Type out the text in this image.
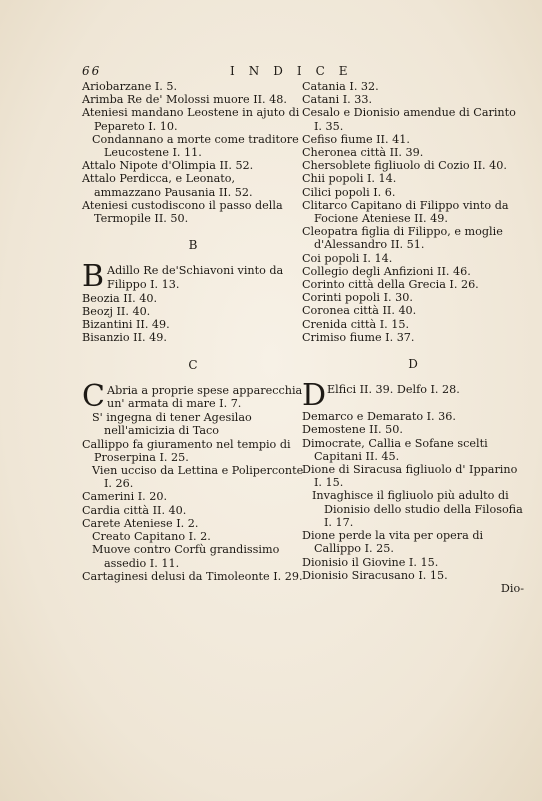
66	INDICE

Ariobarzane I. 5.

Arimba Re de' Molossi muore II. 48.

Ateniesi mandano Leostene in ajuto di Pepareto I. 10.

Condannano a morte come traditore Leucostene I. 11.

Attalo Nipote d'Olimpia II. 52.

Attalo Perdicca, e Leonato, ammazzano Pausania II. 52.

Ateniesi custodiscono il passo della Termopile II. 50.

B
B Adillo Re de'Schiavoni vinto da Filippo I. 13.

Beozia II. 40.

Beozj II. 40.

Bizantini II. 49.

Bisanzio II. 49.

C
C Abria a proprie spese apparecchia un' armata di mare I. 7.

S' ingegna di tener Agesilao nell'amicizia di Taco

Callippo fa giuramento nel tempio di Proserpina I. 25.

Vien ucciso da Lettina e Poliperconte I. 26.

Camerini I. 20.

Cardia città II. 40.

Carete Ateniese I. 2.

Creato Capitano I. 2.

Muove contro Corfù grandissimo assedio I. 11.

Cartaginesi delusi da Timoleonte I. 29.

Catania I. 32.

Catani I. 33.

Cesalo e Dionisio amendue di Carinto I. 35.

Cefiso fiume II. 41.

Cheronea città II. 39.

Chersoblete figliuolo di Cozio II. 40.

Chii popoli I. 14.

Cilici popoli I. 6.

Clitarco Capitano di Filippo vinto da Focione Ateniese II. 49.

Cleopatra figlia di Filippo, e moglie d'Alessandro II. 51.

Coi popoli I. 14.

Collegio degli Anfizioni II. 46.

Corinto città della Grecia I. 26.

Corinti popoli I. 30.

Coronea città II. 40.

Crenida città I. 15.

Crimiso fiume I. 37.

D
D Elfici II. 39. Delfo I. 28.

Demarco e Demarato I. 36.

Demostene II. 50.

Dimocrate, Callia e Sofane scelti Capitani II. 45.

Dione di Siracusa figliuolo d' Ipparino I. 15.

Invaghisce il figliuolo più adulto di Dionisio dello studio della Filosofia I. 17.

Dione perde la vita per opera di Callippo I. 25.

Dionisio il Giovine I. 15.

Dionisio Siracusano I. 15.

Dio-
